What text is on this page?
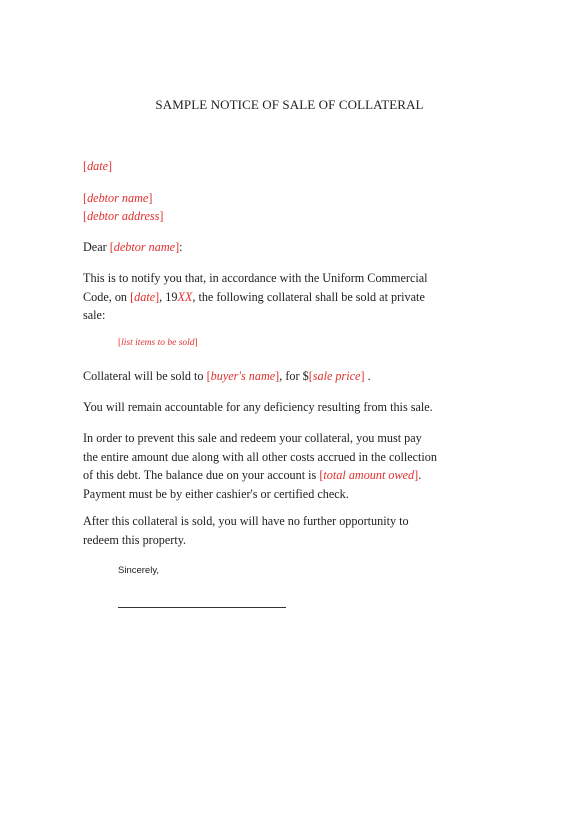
SAMPLE NOTICE OF SALE OF COLLATERAL
[date]
[debtor name]
[debtor address]
Dear [debtor name]:
This is to notify you that, in accordance with the Uniform Commercial
Code, on [date], 19XX, the following collateral shall be sold at private
sale:
[list items to be sold]
Collateral will be sold to [buyer's name], for $[sale price] .
You will remain accountable for any deficiency resulting from this sale.
In order to prevent this sale and redeem your collateral, you must pay
the entire amount due along with all other costs accrued in the collection
of this debt. The balance due on your account is [total amount owed].
Payment must be by either cashier's or certified check.
After this collateral is sold, you will have no further opportunity to
redeem this property.
Sincerely,
